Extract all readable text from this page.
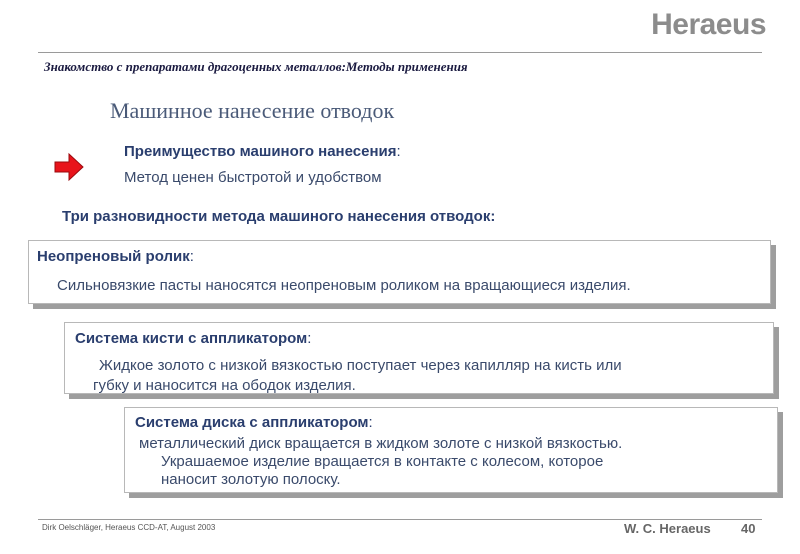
Heraeus
Знакомство с препаратами драгоценных металлов:Методы применения
Машинное нанесение отводок
Преимущество машиного нанесения:
Метод ценен быстротой и удобством
Три разновидности метода машиного нанесения отводок:
Неопреновый ролик:
Сильновязкие пасты наносятся неопреновым роликом на вращающиеся изделия.
Система кисти с аппликатором:
Жидкое золото с низкой вязкостью поступает через капилляр на кисть или
губку и наносится на ободок изделия.
Система диска с аппликатором:
металлический диск вращается в жидком золоте с низкой вязкостью.
Украшаемое изделие вращается в контакте с колесом, которое
наносит золотую полоску.
Dirk Oelschläger, Heraeus CCD-AT, August 2003	W. C. Heraeus 40
